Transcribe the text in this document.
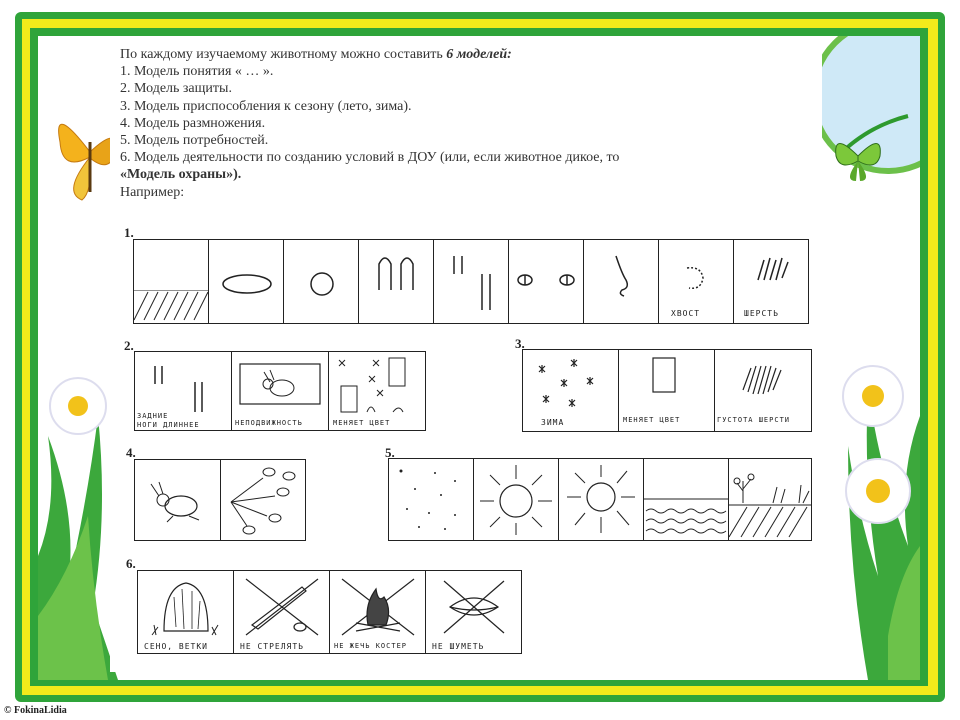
По каждому изучаемому животному можно составить 6 моделей:
1. Модель понятия « … ».
2. Модель защиты.
3. Модель приспособления к сезону (лето, зима).
4. Модель размножения.
5. Модель потребностей.
6. Модель деятельности по созданию условий в ДОУ (или, если животное дикое, то
«Модель охраны»).
Например:
1.
ХВОСТ	ШЕРСТЬ
2.
ЗАДНИЕ
НОГИ ДЛИННЕЕ	НЕПОДВИЖНОСТЬ	МЕНЯЕТ ЦВЕТ
3.
ЗИМА	МЕНЯЕТ ЦВЕТ	ГУСТОТА ШЕРСТИ
4.	5.
6.
СЕНО, ВЕТКИ	НЕ СТРЕЛЯТЬ	НЕ ЖЕЧЬ КОСТЕР	НЕ ШУМЕТЬ
© FokinaLidia
